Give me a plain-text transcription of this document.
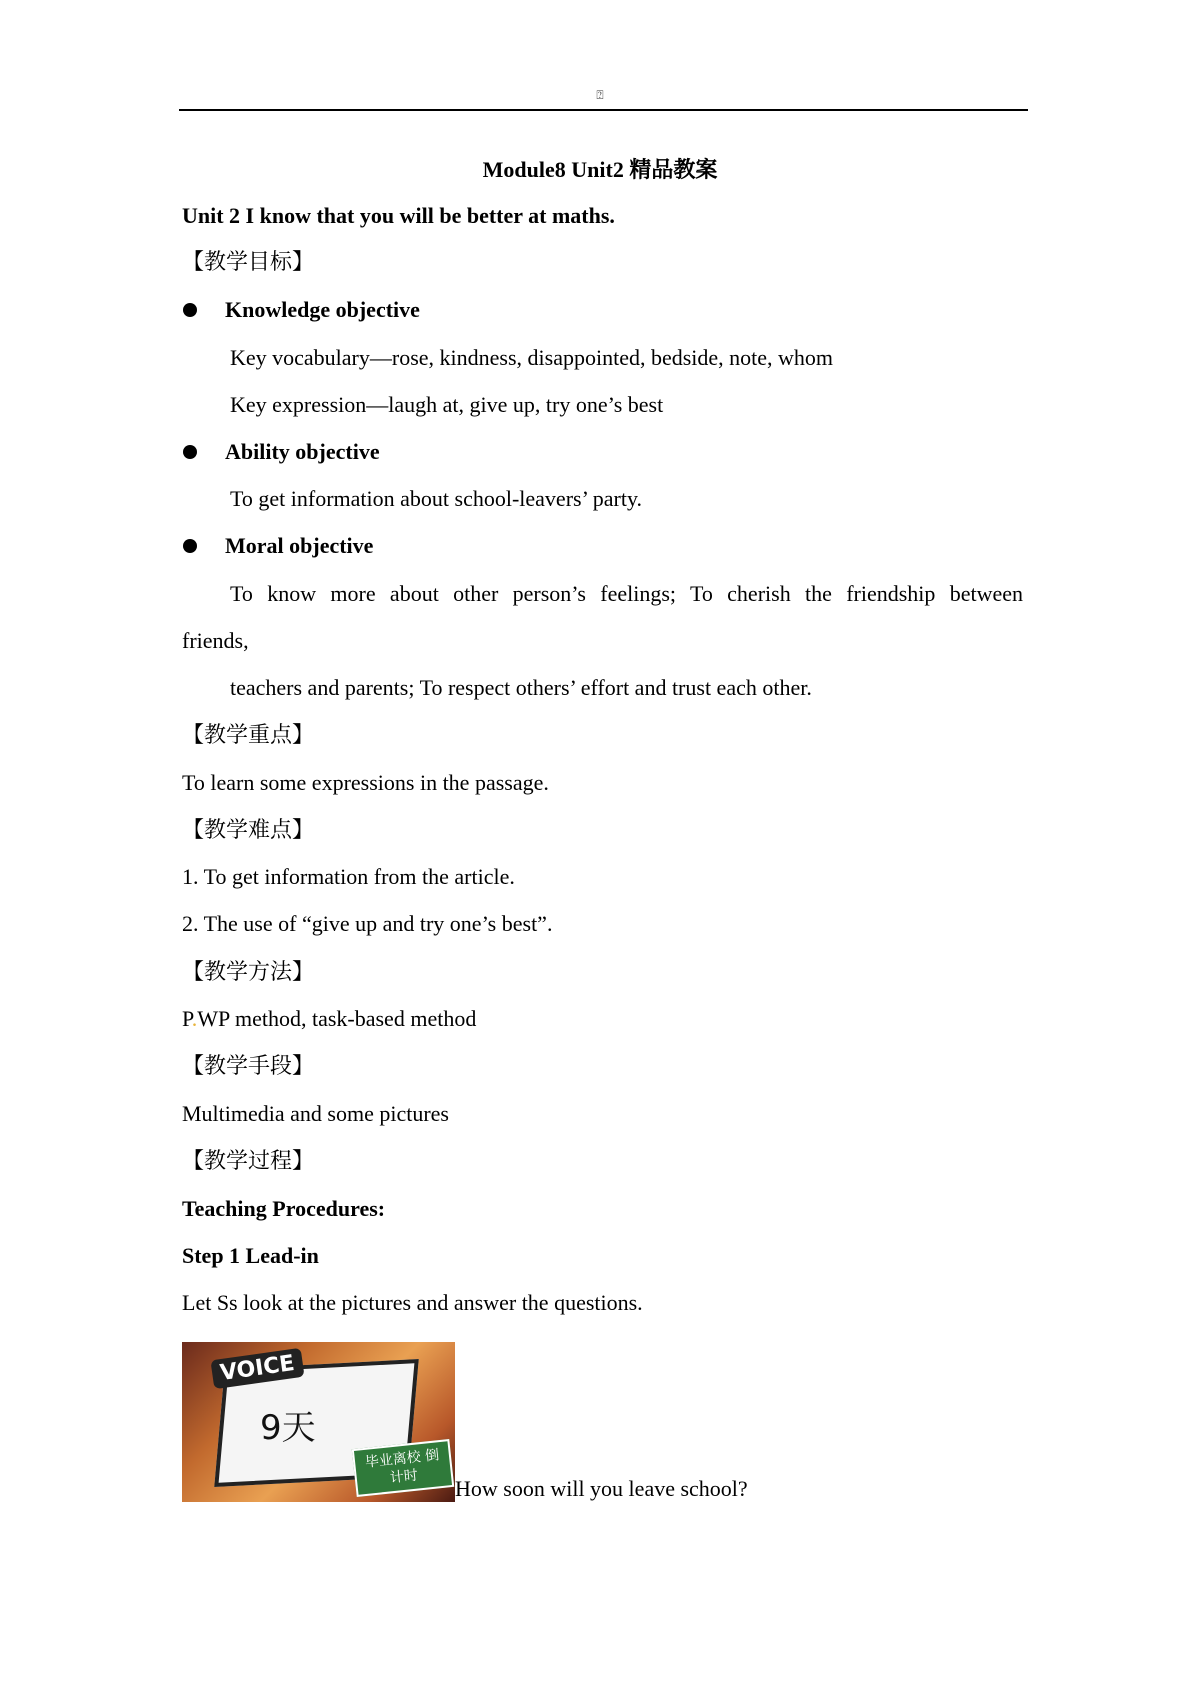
⍰
Module8 Unit2 精品教案
Unit 2 I know that you will be better at maths.
【教学目标】
Knowledge objective
Key vocabulary—rose, kindness, disappointed, bedside, note, whom
Key expression—laugh at, give up, try one’s best
Ability objective
To get information about school-leavers’ party.
Moral objective
To know more about other person’s feelings; To cherish the friendship between
friends,
teachers and parents; To respect others’ effort and trust each other.
【教学重点】
To learn some expressions in the passage.
【教学难点】
1. To get information from the article.
2. The use of “give up and try one’s best”.
【教学方法】
P.WP method, task-based method
【教学手段】
Multimedia and some pictures
【教学过程】
Teaching Procedures:
Step 1 Lead-in
Let Ss look at the pictures and answer the questions.
VOICE
9天
毕业离校 倒计时	How soon will you leave school?
